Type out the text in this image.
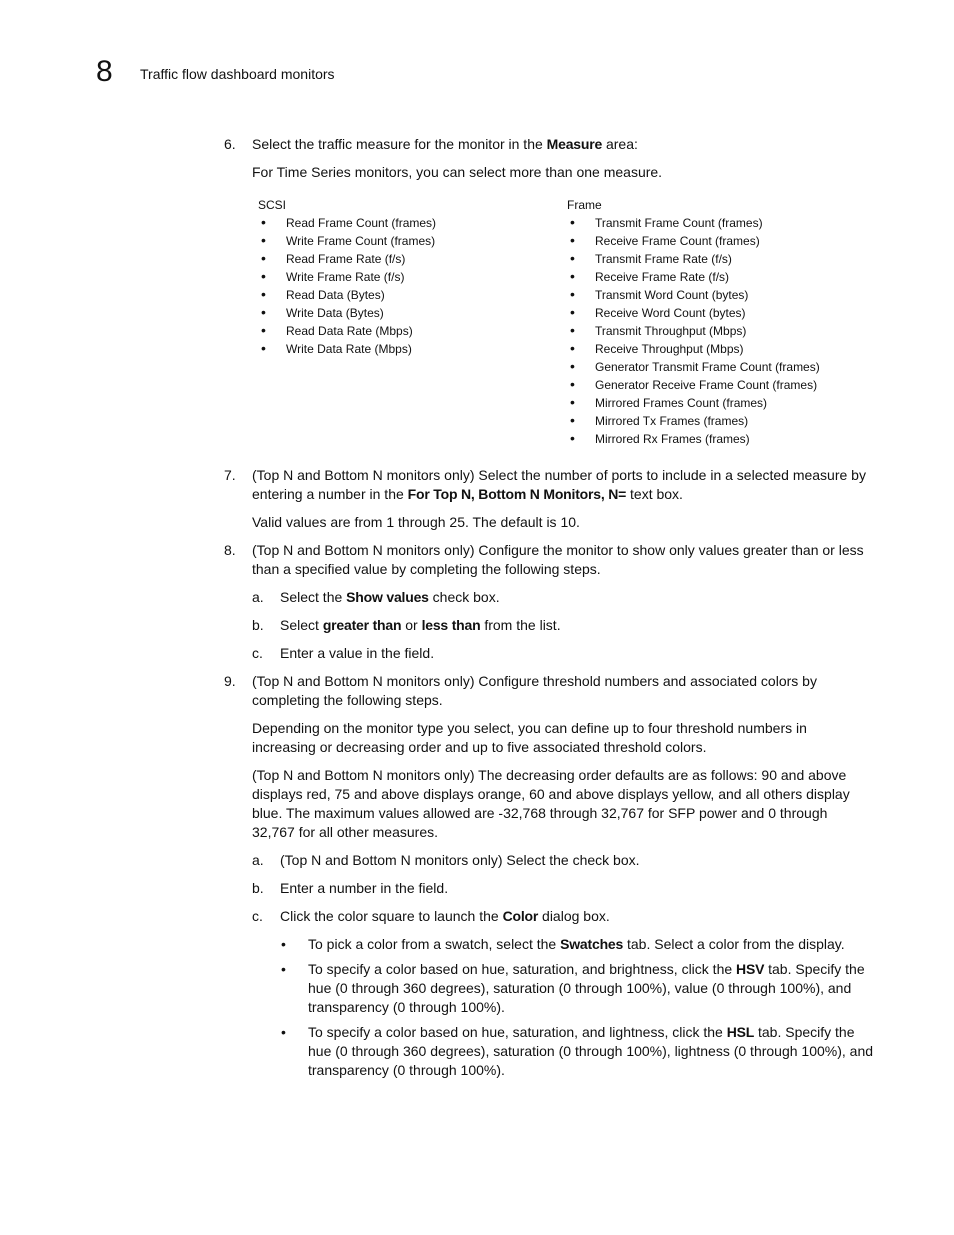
8 Traffic flow dashboard monitors
6. Select the traffic measure for the monitor in the Measure area:
For Time Series monitors, you can select more than one measure.
SCSI
• Read Frame Count (frames)
• Write Frame Count (frames)
• Read Frame Rate (f/s)
• Write Frame Rate (f/s)
• Read Data (Bytes)
• Write Data (Bytes)
• Read Data Rate (Mbps)
• Write Data Rate (Mbps)
Frame
• Transmit Frame Count (frames)
• Receive Frame Count (frames)
• Transmit Frame Rate (f/s)
• Receive Frame Rate (f/s)
• Transmit Word Count (bytes)
• Receive Word Count (bytes)
• Transmit Throughput (Mbps)
• Receive Throughput (Mbps)
• Generator Transmit Frame Count (frames)
• Generator Receive Frame Count (frames)
• Mirrored Frames Count (frames)
• Mirrored Tx Frames (frames)
• Mirrored Rx Frames (frames)
7. (Top N and Bottom N monitors only) Select the number of ports to include in a selected measure by entering a number in the For Top N, Bottom N Monitors, N= text box.
Valid values are from 1 through 25. The default is 10.
8. (Top N and Bottom N monitors only) Configure the monitor to show only values greater than or less than a specified value by completing the following steps.
a. Select the Show values check box.
b. Select greater than or less than from the list.
c. Enter a value in the field.
9. (Top N and Bottom N monitors only) Configure threshold numbers and associated colors by completing the following steps.
Depending on the monitor type you select, you can define up to four threshold numbers in increasing or decreasing order and up to five associated threshold colors.
(Top N and Bottom N monitors only) The decreasing order defaults are as follows: 90 and above displays red, 75 and above displays orange, 60 and above displays yellow, and all others display blue. The maximum values allowed are -32,768 through 32,767 for SFP power and 0 through 32,767 for all other measures.
a. (Top N and Bottom N monitors only) Select the check box.
b. Enter a number in the field.
c. Click the color square to launch the Color dialog box.
• To pick a color from a swatch, select the Swatches tab. Select a color from the display.
• To specify a color based on hue, saturation, and brightness, click the HSV tab. Specify the hue (0 through 360 degrees), saturation (0 through 100%), value (0 through 100%), and transparency (0 through 100%).
• To specify a color based on hue, saturation, and lightness, click the HSL tab. Specify the hue (0 through 360 degrees), saturation (0 through 100%), lightness (0 through 100%), and transparency (0 through 100%).
